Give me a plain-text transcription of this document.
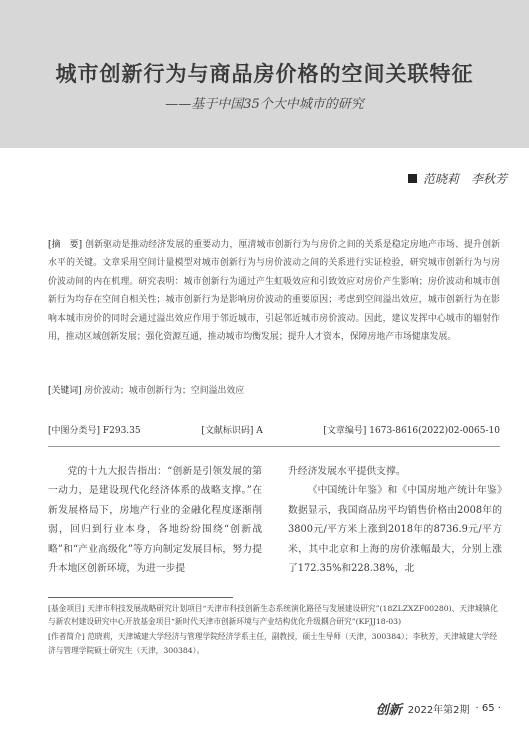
城市创新行为与商品房价格的空间关联特征
——基于中国35个大中城市的研究
范晓莉　李秋芳
[摘　要] 创新驱动是推动经济发展的重要动力，厘清城市创新行为与房价之间的关系是稳定房地产市场、提升创新水平的关键。文章采用空间计量模型对城市创新行为与房价波动之间的关系进行实证检验，研究城市创新行为与房价波动间的内在机理。研究表明：城市创新行为通过产生虹吸效应和引致效应对房价产生影响；房价波动和城市创新行为均存在空间自相关性；城市创新行为是影响房价波动的重要原因；考虑到空间溢出效应，城市创新行为在影响本城市房价的同时会通过溢出效应作用于邻近城市，引起邻近城市房价波动。因此，建议发挥中心城市的辐射作用，推动区域创新发展；强化资源互通，推动城市均衡发展；提升人才资本，保障房地产市场健康发展。
[关键词] 房价波动；城市创新行为；空间溢出效应
[中图分类号] F293.35	[文献标识码] A	[文章编号] 1673-8616(2022)02-0065-10
党的十九大报告指出：“创新是引领发展的第一动力，是建设现代化经济体系的战略支撑。”在新发展格局下，房地产行业的金融化程度逐渐削弱，回归到行业本身，各地纷纷围绕“创新战略”和“产业高级化”等方向制定发展目标，努力提升本地区创新环境，为进一步提
升经济发展水平提供支撑。
《中国统计年鉴》和《中国房地产统计年鉴》数据显示，我国商品房平均销售价格由2008年的3800元/平方米上涨到2018年的8736.9元/平方米，其中北京和上海的房价涨幅最大，分别上涨了172.35%和228.38%，北

[基金项目] 天津市科技发展战略研究计划项目“天津市科技创新生态系统演化路径与发展建设研究”(18ZLZXZF00280)、天津城镇化与新农村建设研究中心开放基金项目“新时代天津市创新环境与产业结构优化升级耦合研究”(KFJJ18-03)

[作者简介] 范晓莉，天津城建大学经济与管理学院经济学系主任，副教授，硕士生导师（天津，300384）；李秋芳，天津城建大学经济与管理学院硕士研究生（天津，300384）。

创新 2022年第2期 · 65 ·
